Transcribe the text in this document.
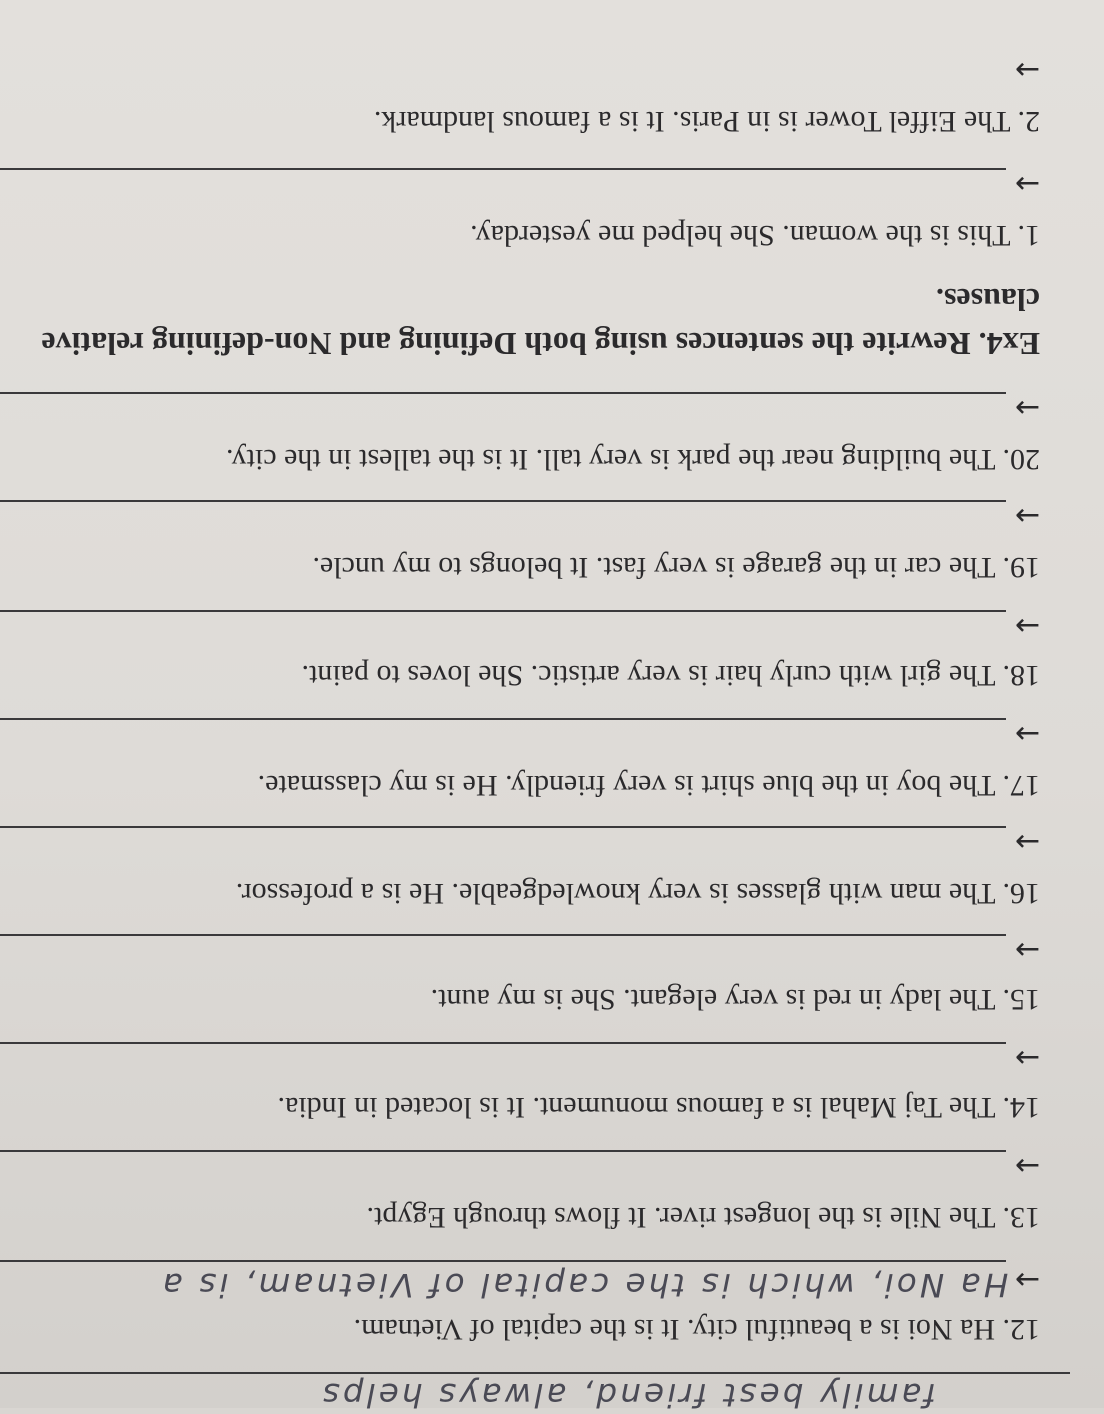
family best friend, always helps
12. Ha Noi is a beautiful city. It is the capital of Vietnam.
→
Ha Noi, which is the capital of Vietnam, is a
13. The Nile is the longest river. It flows through Egypt.
→
14. The Taj Mahal is a famous monument. It is located in India.
→
15. The lady in red is very elegant. She is my aunt.
→
16. The man with glasses is very knowledgeable. He is a professor.
→
17. The boy in the blue shirt is very friendly. He is my classmate.
→
18. The girl with curly hair is very artistic. She loves to paint.
→
19. The car in the garage is very fast. It belongs to my uncle.
→
20. The building near the park is very tall. It is the tallest in the city.
→
Ex4. Rewrite the sentences using both Defining and Non-defining relative clauses.
1. This is the woman. She helped me yesterday.
→
2. The Eiffel Tower is in Paris. It is a famous landmark.
→
